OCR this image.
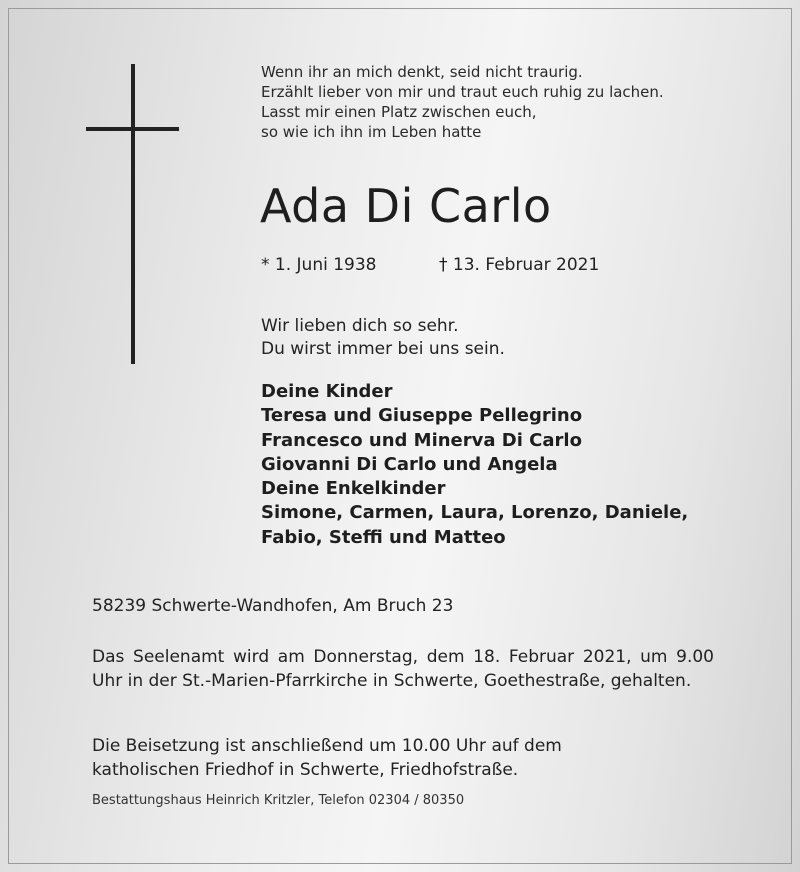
Wenn ihr an mich denkt, seid nicht traurig.
Erzählt lieber von mir und traut euch ruhig zu lachen.
Lasst mir einen Platz zwischen euch,
so wie ich ihn im Leben hatte
Ada Di Carlo
* 1. Juni 1938	† 13. Februar 2021
Wir lieben dich so sehr.
Du wirst immer bei uns sein.
Deine Kinder
Teresa und Giuseppe Pellegrino
Francesco und Minerva Di Carlo
Giovanni Di Carlo und Angela
Deine Enkelkinder
Simone, Carmen, Laura, Lorenzo, Daniele,
Fabio, Steffi und Matteo
58239 Schwerte-Wandhofen, Am Bruch 23
Das Seelenamt wird am Donnerstag, dem 18. Februar 2021, um 9.00 Uhr in der St.-Marien-Pfarrkirche in Schwerte, Goethestraße, gehalten.
Die Beisetzung ist anschließend um 10.00 Uhr auf dem
katholischen Friedhof in Schwerte, Friedhofstraße.
Bestattungshaus Heinrich Kritzler, Telefon 02304 / 80350
